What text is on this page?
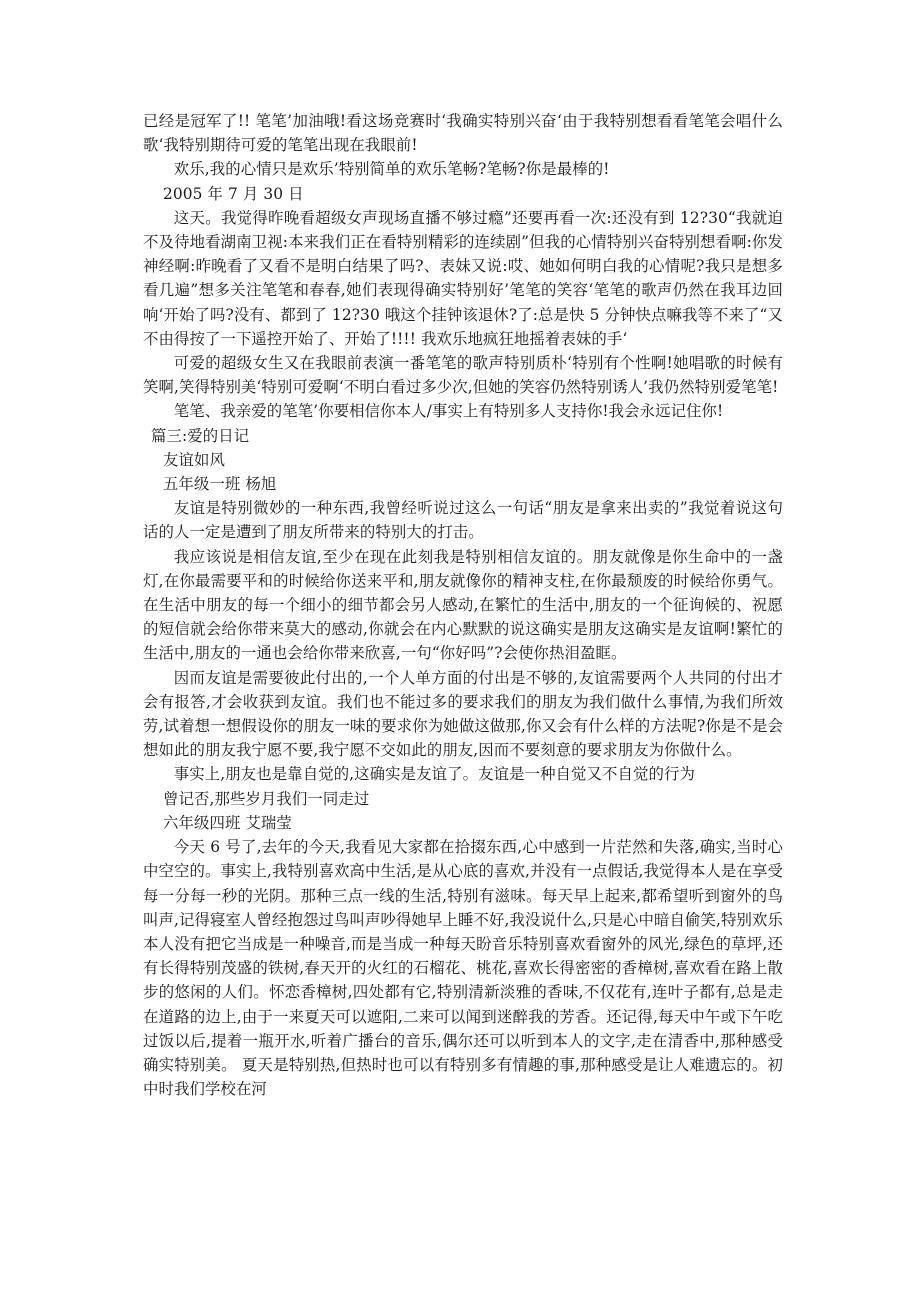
已经是冠军了!! 笔笔’加油哦!看这场竞赛时‘我确实特别兴奋‘由于我特别想看看笔笔会唱什么歌‘我特别期待可爱的笔笔出现在我眼前!

欢乐,我的心情只是欢乐’特别简单的欢乐笔畅?笔畅?你是最棒的!

2005 年 7 月 30 日

这天。我觉得昨晚看超级女声现场直播不够过瘾”还要再看一次:还没有到 12?30“我就迫不及待地看湖南卫视:本来我们正在看特别精彩的连续剧”但我的心情特别兴奋特别想看啊:你发神经啊:昨晚看了又看不是明白结果了吗?、表妹又说:哎、她如何明白我的心情呢?我只是想多看几遍”想多关注笔笔和春春,她们表现得确实特别好’笔笔的笑容‘笔笔的歌声仍然在我耳边回响‘开始了吗?没有、都到了 12?30 哦这个挂钟该退休?了:总是快 5 分钟快点嘛我等不来了“又不由得按了一下遥控开始了、开始了!!!! 我欢乐地疯狂地摇着表妹的手‘

可爱的超级女生又在我眼前表演一番笔笔的歌声特别质朴‘特别有个性啊!她唱歌的时候有笑啊,笑得特别美‘特别可爱啊‘不明白看过多少次,但她的笑容仍然特别诱人’我仍然特别爱笔笔!

笔笔、我亲爱的笔笔’你要相信你本人/事实上有特别多人支持你!我会永远记住你!

篇三:爱的日记

友谊如风

五年级一班 杨旭

友谊是特别微妙的一种东西,我曾经听说过这么一句话“朋友是拿来出卖的”我觉着说这句话的人一定是遭到了朋友所带来的特别大的打击。

我应该说是相信友谊,至少在现在此刻我是特别相信友谊的。朋友就像是你生命中的一盏灯,在你最需要平和的时候给你送来平和,朋友就像你的精神支柱,在你最颓废的时候给你勇气。在生活中朋友的每一个细小的细节都会另人感动,在繁忙的生活中,朋友的一个征询候的、祝愿的短信就会给你带来莫大的感动,你就会在内心默默的说这确实是朋友这确实是友谊啊!繁忙的生活中,朋友的一通也会给你带来欣喜,一句“你好吗”?会使你热泪盈眶。

因而友谊是需要彼此付出的,一个人单方面的付出是不够的,友谊需要两个人共同的付出才会有报答,才会收获到友谊。我们也不能过多的要求我们的朋友为我们做什么事情,为我们所效劳,试着想一想假设你的朋友一味的要求你为她做这做那,你又会有什么样的方法呢?你是不是会想如此的朋友我宁愿不要,我宁愿不交如此的朋友,因而不要刻意的要求朋友为你做什么。

事实上,朋友也是靠自觉的,这确实是友谊了。友谊是一种自觉又不自觉的行为

曾记否,那些岁月我们一同走过

六年级四班 艾瑞莹

今天 6 号了,去年的今天,我看见大家都在拾掇东西,心中感到一片茫然和失落,确实,当时心中空空的。事实上,我特别喜欢高中生活,是从心底的喜欢,并没有一点假话,我觉得本人是在享受每一分每一秒的光阴。那种三点一线的生活,特别有滋味。每天早上起来,都希望听到窗外的鸟叫声,记得寝室人曾经抱怨过鸟叫声吵得她早上睡不好,我没说什么,只是心中暗自偷笑,特别欢乐本人没有把它当成是一种噪音,而是当成一种每天盼音乐特别喜欢看窗外的风光,绿色的草坪,还有长得特别茂盛的铁树,春天开的火红的石榴花、桃花,喜欢长得密密的香樟树,喜欢看在路上散步的悠闲的人们。怀恋香樟树,四处都有它,特别清新淡雅的香味,不仅花有,连叶子都有,总是走在道路的边上,由于一来夏天可以遮阳,二来可以闻到迷醉我的芳香。还记得,每天中午或下午吃过饭以后,提着一瓶开水,听着广播台的音乐,偶尔还可以听到本人的文字,走在清香中,那种感受确实特别美。 夏天是特别热,但热时也可以有特别多有情趣的事,那种感受是让人难遗忘的。初中时我们学校在河
